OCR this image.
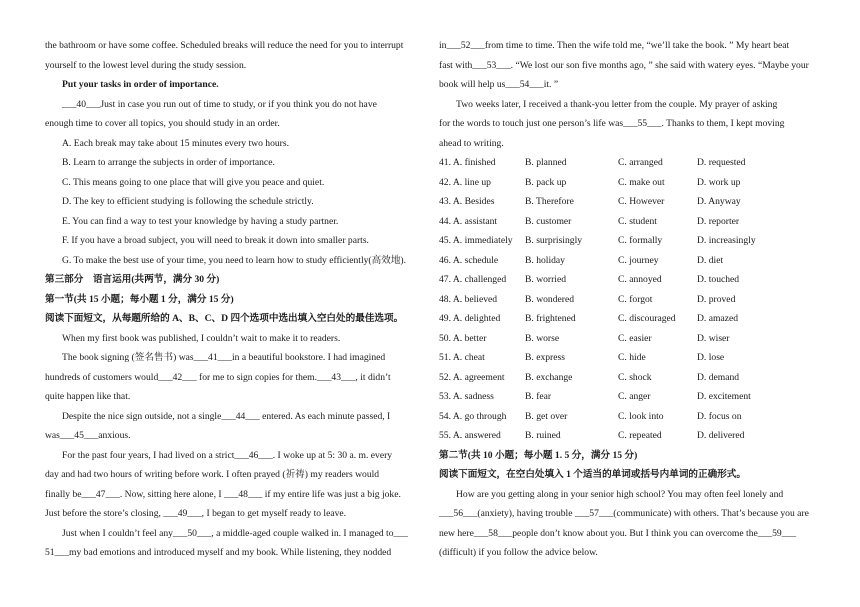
the bathroom or have some coffee. Scheduled breaks will reduce the need for you to interrupt
yourself to the lowest level during the study session.
Put your tasks in order of importance.
___40___Just in case you run out of time to study, or if you think you do not have
enough time to cover all topics, you should study in an order.
A. Each break may take about 15 minutes every two hours.
B. Learn to arrange the subjects in order of importance.
C. This means going to one place that will give you peace and quiet.
D. The key to efficient studying is following the schedule strictly.
E. You can find a way to test your knowledge by having a study partner.
F. If you have a broad subject, you will need to break it down into smaller parts.
G. To make the best use of your time, you need to learn how to study efficiently(高效地).
第三部分　语言运用(共两节，满分 30 分)
第一节(共 15 小题；每小题 1 分，满分 15 分)
阅读下面短文，从每题所给的 A、B、C、D 四个选项中选出填入空白处的最佳选项。
When my first book was published, I couldn’t wait to make it to readers.
The book signing (签名售书) was___41___in a beautiful bookstore. I had imagined
hundreds of customers would___42___ for me to sign copies for them.___43___, it didn’t
quite happen like that.
Despite the nice sign outside, not a single___44___ entered. As each minute passed, I
was___45___anxious.
For the past four years, I had lived on a strict___46___. I woke up at 5: 30 a. m. every
day and had two hours of writing before work. I often prayed (祈祷) my readers would
finally be___47___. Now, sitting here alone, I ___48___ if my entire life was just a big joke.
Just before the store’s closing, ___49___, I began to get myself ready to leave.
Just when I couldn’t feel any___50___, a middle-aged couple walked in. I managed to___
51___my bad emotions and introduced myself and my book. While listening, they nodded
in___52___from time to time. Then the wife told me, “we’ll take the book. ” My heart beat
fast with___53___. “We lost our son five months ago, ” she said with watery eyes. “Maybe your
book will help us___54___it. ”
Two weeks later, I received a thank-you letter from the couple. My prayer of asking
for the words to touch just one person’s life was___55___. Thanks to them, I kept moving
ahead to writing.
41. A. finished	B. planned	C. arranged	D. requested
42. A. line up	B. pack up	C. make out	D. work up
43. A. Besides	B. Therefore	C. However	D. Anyway
44. A. assistant	B. customer	C. student	D. reporter
45. A. immediately B. surprisingly	C. formally	D. increasingly
46. A. schedule	B. holiday	C. journey	D. diet
47. A. challenged B. worried	C. annoyed	D. touched
48. A. believed	B. wondered	C. forgot	D. proved
49. A. delighted	B. frightened	C. discouraged D. amazed
50. A. better	B. worse	C. easier	D. wiser
51. A. cheat	B. express	C. hide	D. lose
52. A. agreement B. exchange	C. shock	D. demand
53. A. sadness	B. fear	C. anger	D. excitement
54. A. go through B. get over	C. look into	D. focus on
55. A. answered	B. ruined	C. repeated	D. delivered
第二节(共 10 小题；每小题 1. 5 分，满分 15 分)
阅读下面短文，在空白处填入 1 个适当的单词或括号内单词的正确形式。
How are you getting along in your senior high school? You may often feel lonely and
___56___(anxiety), having trouble ___57___(communicate) with others. That’s because you are
new here___58___people don’t know about you. But I think you can overcome the___59___
(difficult) if you follow the advice below.
